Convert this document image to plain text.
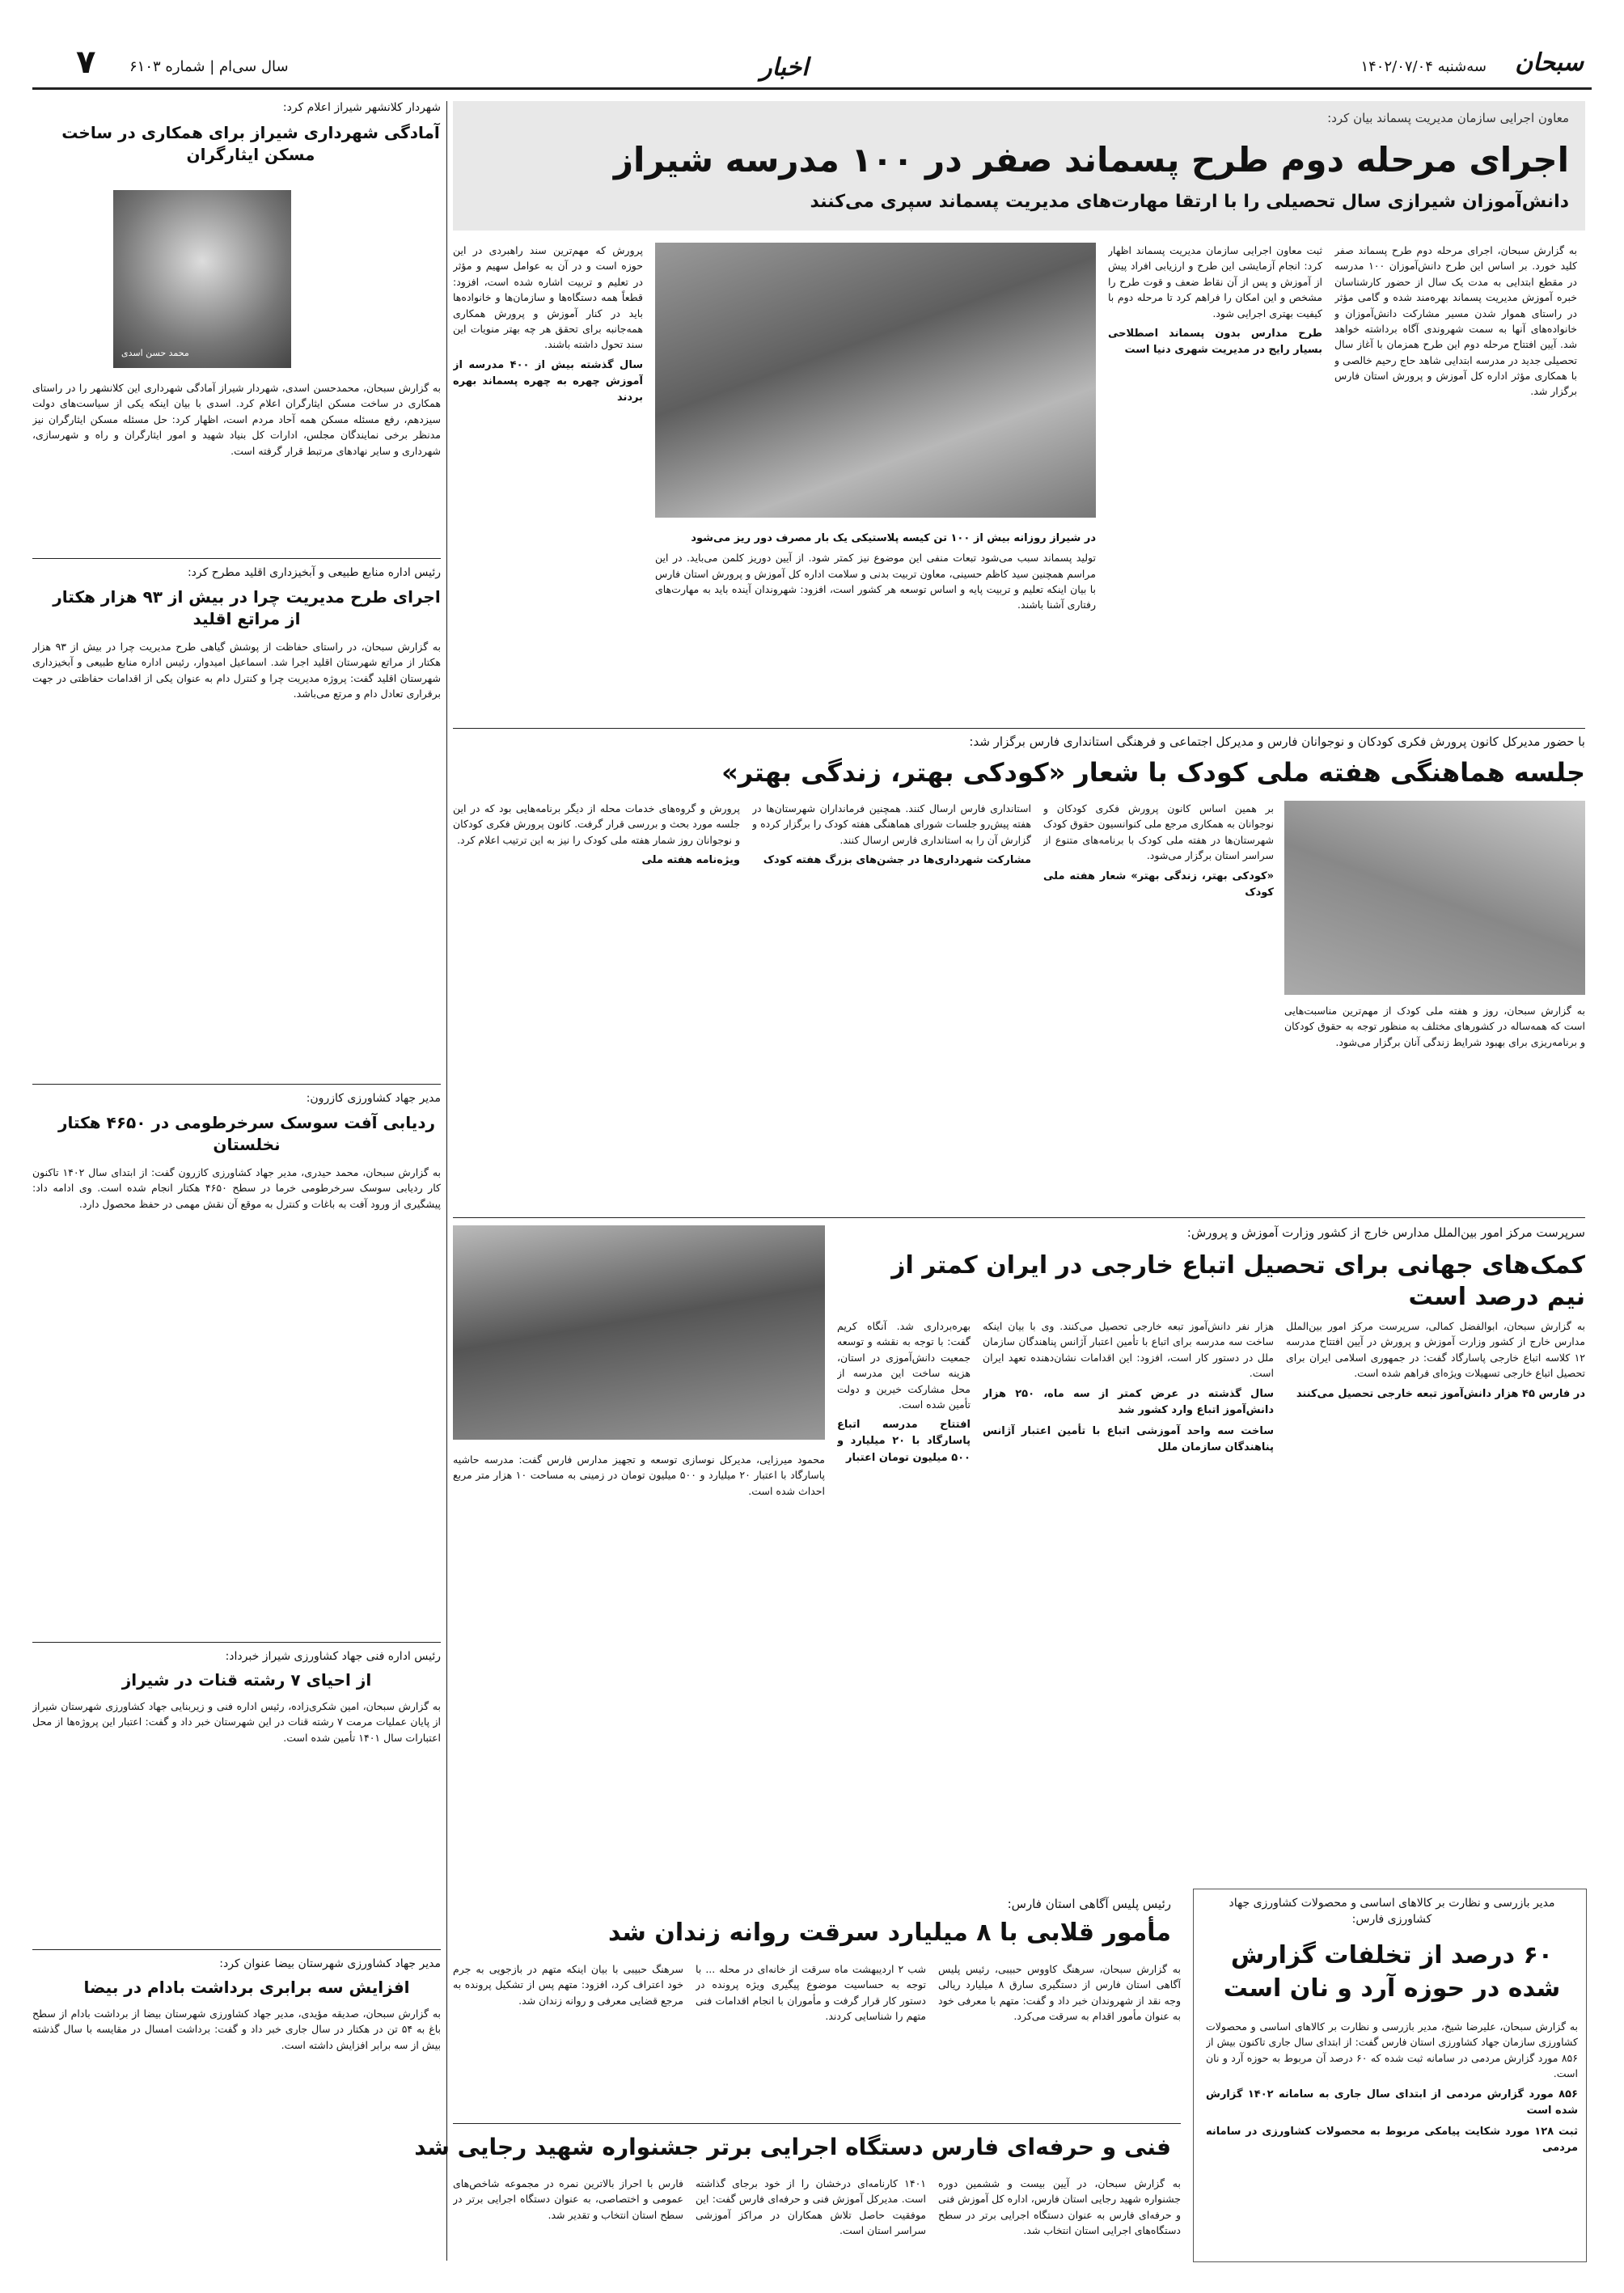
۷ سال سی‌ام | شماره ۶۱۰۳	اخبار	سه‌شنبه ۱۴۰۲/۰۷/۰۴ سبحان
معاون اجرایی سازمان مدیریت پسماند بیان کرد:
اجرای مرحله دوم طرح پسماند صفر در ۱۰۰ مدرسه شیراز
دانش‌آموزان شیرازی سال تحصیلی را با ارتقا مهارت‌های مدیریت پسماند سپری می‌کنند

به گزارش سبحان، اجرای مرحله دوم طرح پسماند صفر کلید خورد. بر اساس این طرح دانش‌آموزان ۱۰۰ مدرسه در مقطع ابتدایی به مدت یک سال از حضور کارشناسان خبره آموزش مدیریت پسماند بهره‌مند شده و گامی مؤثر در راستای هموار شدن مسیر مشارکت دانش‌آموزان و خانواده‌های آنها به سمت شهروندی آگاه برداشته خواهد شد. آیین افتتاح مرحله دوم این طرح همزمان با آغاز سال تحصیلی جدید در مدرسه ابتدایی شاهد حاج رحیم خالصی و با همکاری مؤثر اداره کل آموزش و پرورش استان فارس برگزار شد.

ثبت معاون اجرایی سازمان مدیریت پسماند اظهار کرد: انجام آزمایشی این طرح و ارزیابی افراد پیش از آموزش و پس از آن نقاط ضعف و قوت طرح را مشخص و این امکان را فراهم کرد تا مرحله دوم با کیفیت بهتری اجرایی شود.

طرح مدارس بدون پسماند اصطلاحی بسیار رایج در مدیریت شهری دنیا است
در شیراز روزانه بیش از ۱۰۰ تن کیسه پلاستیکی یک بار مصرف دور ریز می‌شود

تولید پسماند سبب می‌شود تبعات منفی این موضوع نیز کمتر شود. از آیین دوریز کلمن می‌باید. در این مراسم همچنین سید کاظم حسینی، معاون تربیت بدنی و سلامت اداره کل آموزش و پرورش استان فارس با بیان اینکه تعلیم و تربیت پایه و اساس توسعه هر کشور است، افزود: شهروندان آینده باید به مهارت‌های رفتاری آشنا باشند.

پرورش که مهم‌ترین سند راهبردی در این حوزه است و در آن به عوامل سهیم و مؤثر در تعلیم و تربیت اشاره شده است، افزود: قطعاً همه دستگاه‌ها و سازمان‌ها و خانواده‌ها باید در کنار آموزش و پرورش همکاری همه‌جانبه برای تحقق هر چه بهتر منویات این سند تحول داشته باشند.

سال گذشته بیش از ۴۰۰ مدرسه از آموزش چهره به چهره پسماند بهره بردند
شهردار کلانشهر شیراز اعلام کرد:
آمادگی شهرداری شیراز برای همکاری در ساخت مسکن ایثارگران
محمد حسن اسدی
به گزارش سبحان، محمدحسن اسدی، شهردار شیراز آمادگی شهرداری این کلانشهر را در راستای همکاری در ساخت مسکن ایثارگران اعلام کرد. اسدی با بیان اینکه یکی از سیاست‌های دولت سیزدهم، رفع مسئله مسکن همه آحاد مردم است، اظهار کرد: حل مسئله مسکن ایثارگران نیز مدنظر برخی نمایندگان مجلس، ادارات کل بنیاد شهید و امور ایثارگران و راه و شهرسازی، شهرداری و سایر نهادهای مرتبط قرار گرفته است.
رئیس اداره منابع طبیعی و آبخیزداری اقلید مطرح کرد:
اجرای طرح مدیریت چرا در بیش از ۹۳ هزار هکتار از مراتع اقلید
به گزارش سبحان، در راستای حفاظت از پوشش گیاهی طرح مدیریت چرا در بیش از ۹۳ هزار هکتار از مراتع شهرستان اقلید اجرا شد. اسماعیل امیدوار، رئیس اداره منابع طبیعی و آبخیزداری شهرستان اقلید گفت: پروژه مدیریت چرا و کنترل دام به عنوان یکی از اقدامات حفاظتی در جهت برقراری تعادل دام و مرتع می‌باشد.
مدیر جهاد کشاورزی کازرون:
ردیابی آفت سوسک سرخرطومی در ۴۶۵۰ هکتار نخلستان
به گزارش سبحان، محمد حیدری، مدیر جهاد کشاورزی کازرون گفت: از ابتدای سال ۱۴۰۲ تاکنون کار ردیابی سوسک سرخرطومی خرما در سطح ۴۶۵۰ هکتار انجام شده است. وی ادامه داد: پیشگیری از ورود آفت به باغات و کنترل به موقع آن نقش مهمی در حفظ محصول دارد.
رئیس اداره فنی جهاد کشاورزی شیراز خبرداد:
از احیای ۷ رشته قنات در شیراز
به گزارش سبحان، امین شکری‌زاده، رئیس اداره فنی و زیربنایی جهاد کشاورزی شهرستان شیراز از پایان عملیات مرمت ۷ رشته قنات در این شهرستان خبر داد و گفت: اعتبار این پروژه‌ها از محل اعتبارات سال ۱۴۰۱ تأمین شده است.
مدیر جهاد کشاورزی شهرستان بیضا عنوان کرد:
افزایش سه برابری برداشت بادام در بیضا
به گزارش سبحان، صدیقه مؤیدی، مدیر جهاد کشاورزی شهرستان بیضا از برداشت بادام از سطح باغ به ۵۴ تن در هکتار در سال جاری خبر داد و گفت: برداشت امسال در مقایسه با سال گذشته بیش از سه برابر افزایش داشته است.
با حضور مدیرکل کانون پرورش فکری کودکان و نوجوانان فارس و مدیرکل اجتماعی و فرهنگی استانداری فارس برگزار شد:
جلسه هماهنگی هفته ملی کودک با شعار «کودکی بهتر، زندگی بهتر»

به گزارش سبحان، روز و هفته ملی کودک از مهم‌ترین مناسبت‌هایی است که همه‌ساله در کشورهای مختلف به منظور توجه به حقوق کودکان و برنامه‌ریزی برای بهبود شرایط زندگی آنان برگزار می‌شود.

بر همین اساس کانون پرورش فکری کودکان و نوجوانان به همکاری مرجع ملی کنوانسیون حقوق کودک شهرستان‌ها در هفته ملی کودک با برنامه‌های متنوع از سراسر استان برگزار می‌شود.

«کودکی بهتر، زندگی بهتر» شعار هفته ملی کودک

استانداری فارس ارسال کنند. همچنین فرمانداران شهرستان‌ها در هفته پیش‌رو جلسات شورای هماهنگی هفته کودک را برگزار کرده و گزارش آن را به استانداری فارس ارسال کنند.

مشارکت شهرداری‌ها در جشن‌های بزرگ هفته کودک

پرورش و گروه‌های خدمات محله از دیگر برنامه‌هایی بود که در این جلسه مورد بحث و بررسی قرار گرفت. کانون پرورش فکری کودکان و نوجوانان روز شمار هفته ملی کودک را نیز به این ترتیب اعلام کرد.

ویژه‌نامه هفته ملی
سرپرست مرکز امور بین‌الملل مدارس خارج از کشور وزارت آموزش و پرورش:
کمک‌های جهانی برای تحصیل اتباع خارجی در ایران کمتر از نیم درصد است

به گزارش سبحان، ابوالفضل کمالی، سرپرست مرکز امور بین‌الملل مدارس خارج از کشور وزارت آموزش و پرورش در آیین افتتاح مدرسه ۱۲ کلاسه اتباع خارجی پاسارگاد گفت: در جمهوری اسلامی ایران برای تحصیل اتباع خارجی تسهیلات ویژه‌ای فراهم شده است.

در فارس ۴۵ هزار دانش‌آموز تبعه خارجی تحصیل می‌کنند

هزار نفر دانش‌آموز تبعه خارجی تحصیل می‌کنند. وی با بیان اینکه ساخت سه مدرسه برای اتباع با تأمین اعتبار آژانس پناهندگان سازمان ملل در دستور کار است، افزود: این اقدامات نشان‌دهنده تعهد ایران است.

سال گذشته در عرض کمتر از سه ماه، ۲۵۰ هزار دانش‌آموز اتباع وارد کشور شد
ساخت سه واحد آموزشی اتباع با تأمین اعتبار آژانس پناهندگان سازمان ملل

بهره‌برداری شد. آنگاه کریم گفت: با توجه به نقشه و توسعه جمعیت دانش‌آموزی در استان، هزینه ساخت این مدرسه از محل مشارکت خیرین و دولت تأمین شده است.

افتتاح مدرسه اتباع پاسارگاد با ۲۰ میلیارد و ۵۰۰ میلیون تومان اعتبار

محمود میرزایی، مدیرکل نوسازی توسعه و تجهیز مدارس فارس گفت: مدرسه حاشیه پاسارگاد با اعتبار ۲۰ میلیارد و ۵۰۰ میلیون تومان در زمینی به مساحت ۱۰ هزار متر مربع احداث شده است.

مدیر بازرسی و نظارت بر کالاهای اساسی و محصولات کشاورزی جهاد کشاورزی فارس:
۶۰ درصد از تخلفات گزارش شده در حوزه آرد و نان است

به گزارش سبحان، علیرضا شیخ، مدیر بازرسی و نظارت بر کالاهای اساسی و محصولات کشاورزی سازمان جهاد کشاورزی استان فارس گفت: از ابتدای سال جاری تاکنون بیش از ۸۵۶ مورد گزارش مردمی در سامانه ثبت شده که ۶۰ درصد آن مربوط به حوزه آرد و نان است.

۸۵۶ مورد گزارش مردمی از ابتدای سال جاری به سامانه ۱۴۰۲ گزارش شده است
ثبت ۱۲۸ مورد شکایت پیامکی مربوط به محصولات کشاورزی در سامانه مردمی
رئیس پلیس آگاهی استان فارس:
مأمور قلابی با ۸ میلیارد سرقت روانه زندان شد
به گزارش سبحان، سرهنگ کاووس حبیبی، رئیس پلیس آگاهی استان فارس از دستگیری سارق ۸ میلیارد ریالی وجه نقد از شهروندان خبر داد و گفت: متهم با معرفی خود به عنوان مأمور اقدام به سرقت می‌کرد.
شب ۲ اردیبهشت ماه سرقت از خانه‌ای در محله ... با توجه به حساسیت موضوع پیگیری ویژه پرونده در دستور کار قرار گرفت و مأموران با انجام اقدامات فنی متهم را شناسایی کردند.
سرهنگ حبیبی با بیان اینکه متهم در بازجویی به جرم خود اعتراف کرد، افزود: متهم پس از تشکیل پرونده به مرجع قضایی معرفی و روانه زندان شد.
فنی و حرفه‌ای فارس دستگاه اجرایی برتر جشنواره شهید رجایی شد
به گزارش سبحان، در آیین بیست و ششمین دوره جشنواره شهید رجایی استان فارس، اداره کل آموزش فنی و حرفه‌ای فارس به عنوان دستگاه اجرایی برتر در سطح دستگاه‌های اجرایی استان انتخاب شد.
۱۴۰۱ کارنامه‌ای درخشان را از خود برجای گذاشته است. مدیرکل آموزش فنی و حرفه‌ای فارس گفت: این موفقیت حاصل تلاش همکاران در مراکز آموزشی سراسر استان است.
فارس با احراز بالاترین نمره در مجموعه شاخص‌های عمومی و اختصاصی، به عنوان دستگاه اجرایی برتر در سطح استان انتخاب و تقدیر شد.
